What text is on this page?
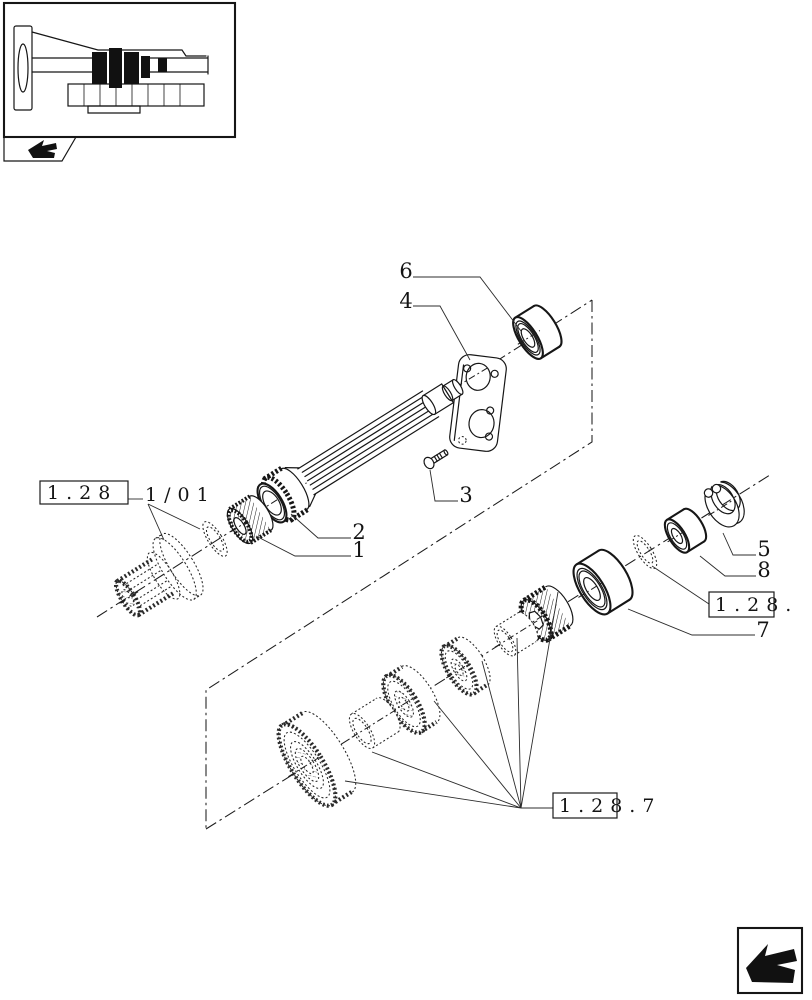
6
4
3
2
1	5
8
7
1.28 1/01
1.28.
1.28.7
